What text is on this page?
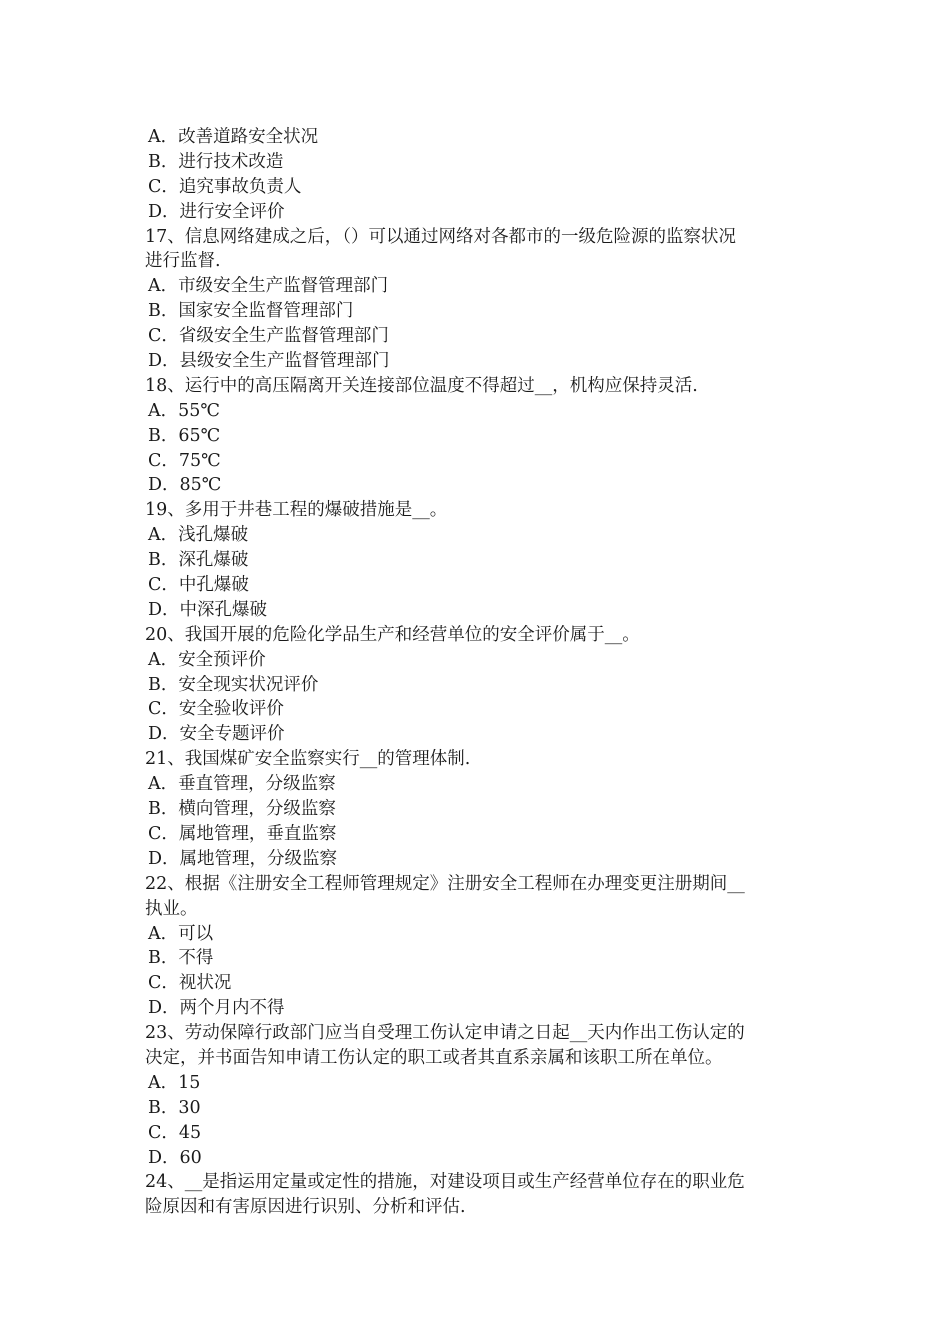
A．改善道路安全状况
B．进行技术改造
C．追究事故负责人
D．进行安全评价
17、信息网络建成之后，（）可以通过网络对各都市的一级危险源的监察状况
进行监督.
A．市级安全生产监督管理部门
B．国家安全监督管理部门
C．省级安全生产监督管理部门
D．县级安全生产监督管理部门
18、运行中的高压隔离开关连接部位温度不得超过__，机构应保持灵活.
A．55℃
B．65℃
C．75℃
D．85℃
19、多用于井巷工程的爆破措施是__。
A．浅孔爆破
B．深孔爆破
C．中孔爆破
D．中深孔爆破
20、我国开展的危险化学品生产和经营单位的安全评价属于__。
A．安全预评价
B．安全现实状况评价
C．安全验收评价
D．安全专题评价
21、我国煤矿安全监察实行__的管理体制.
A．垂直管理，分级监察
B．横向管理，分级监察
C．属地管理，垂直监察
D．属地管理，分级监察
22、根据《注册安全工程师管理规定》注册安全工程师在办理变更注册期间__
执业。
A．可以
B．不得
C．视状况
D．两个月内不得
23、劳动保障行政部门应当自受理工伤认定申请之日起__天内作出工伤认定的
决定，并书面告知申请工伤认定的职工或者其直系亲属和该职工所在单位。
A．15
B．30
C．45
D．60
24、__是指运用定量或定性的措施，对建设项目或生产经营单位存在的职业危
险原因和有害原因进行识别、分析和评估.
